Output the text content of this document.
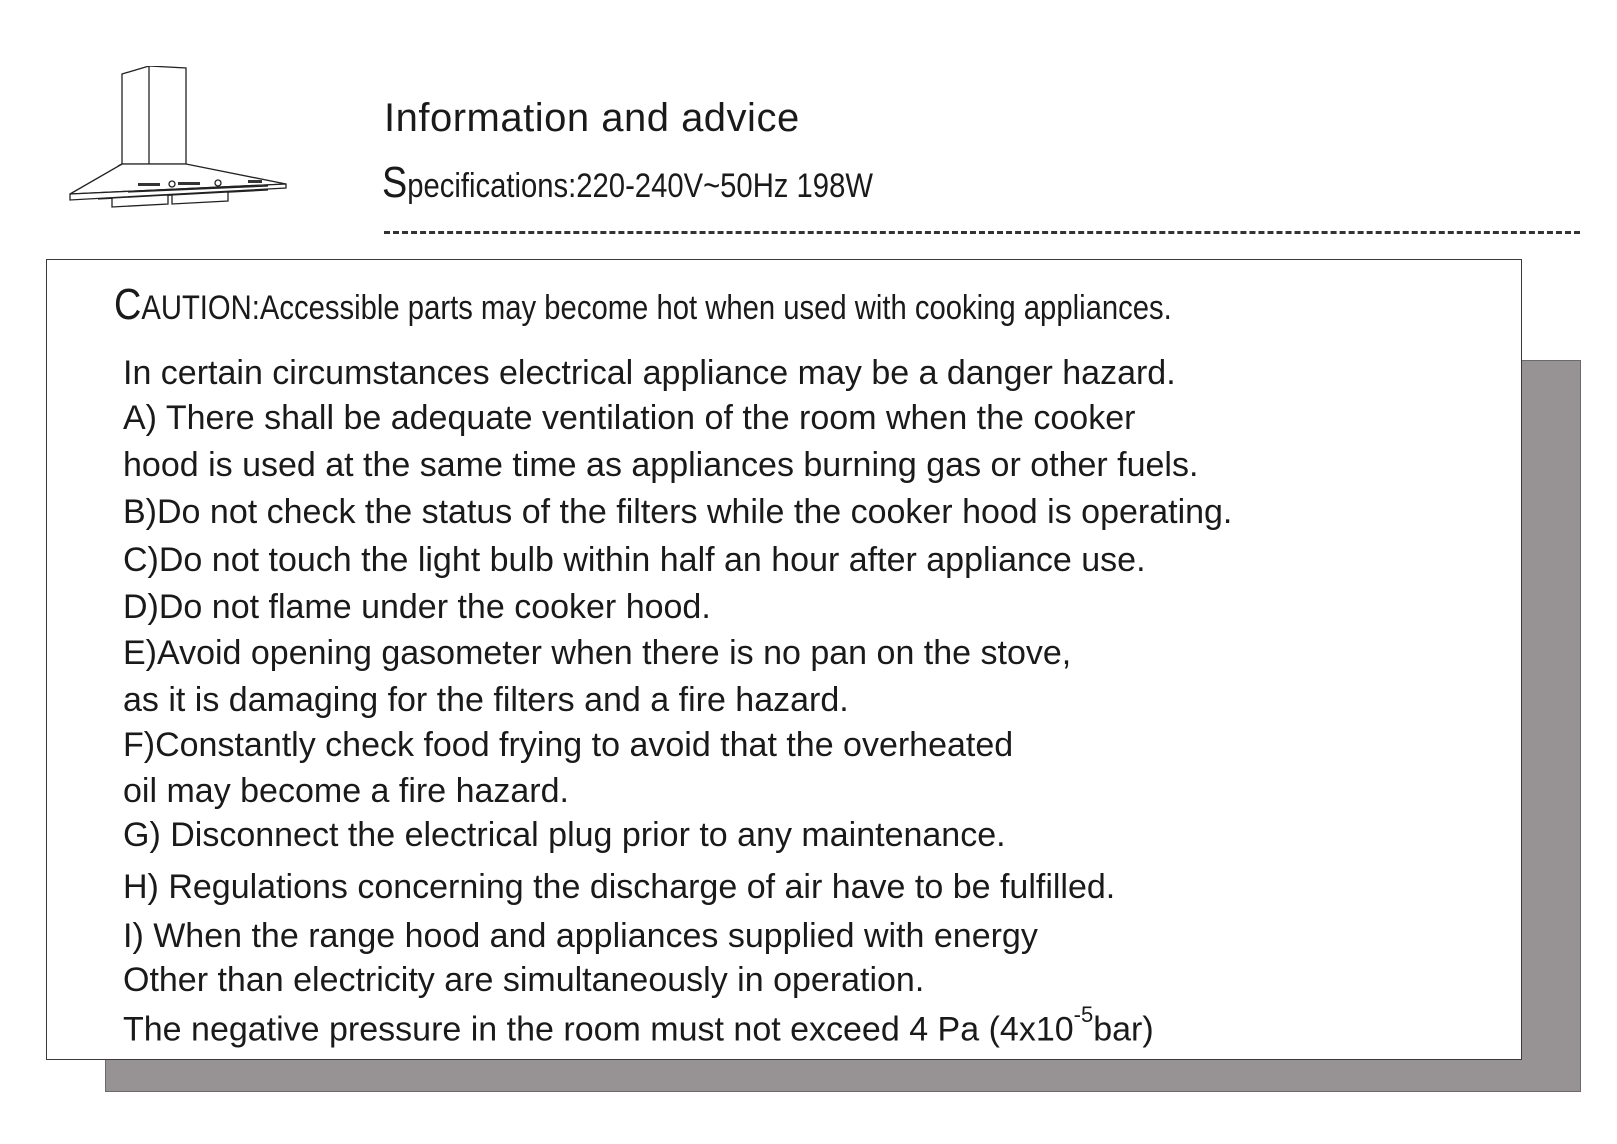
Information and advice
Specifications:220-240V~50Hz 198W
CAUTION:Accessible parts may become hot when used with cooking appliances.
In certain circumstances electrical appliance may be a danger hazard.
A) There shall be adequate ventilation of the room when the cooker
hood is used at the same time as appliances burning gas or other fuels.
B)Do not check the status of the filters while the cooker hood is operating.
C)Do not touch the light bulb within half an hour after appliance use.
D)Do not flame under the cooker hood.
E)Avoid opening gasometer when there is no pan on the stove,
as it is damaging for the filters and a fire hazard.
F)Constantly check food frying to avoid that the overheated
oil may become a fire hazard.
G) Disconnect the electrical plug prior to any maintenance.
H) Regulations concerning the discharge of air have to be fulfilled.
I) When the range hood and appliances supplied with energy
Other than electricity are simultaneously in operation.
The negative pressure in the room must not exceed 4 Pa $(4x10^{-5}bar)$
